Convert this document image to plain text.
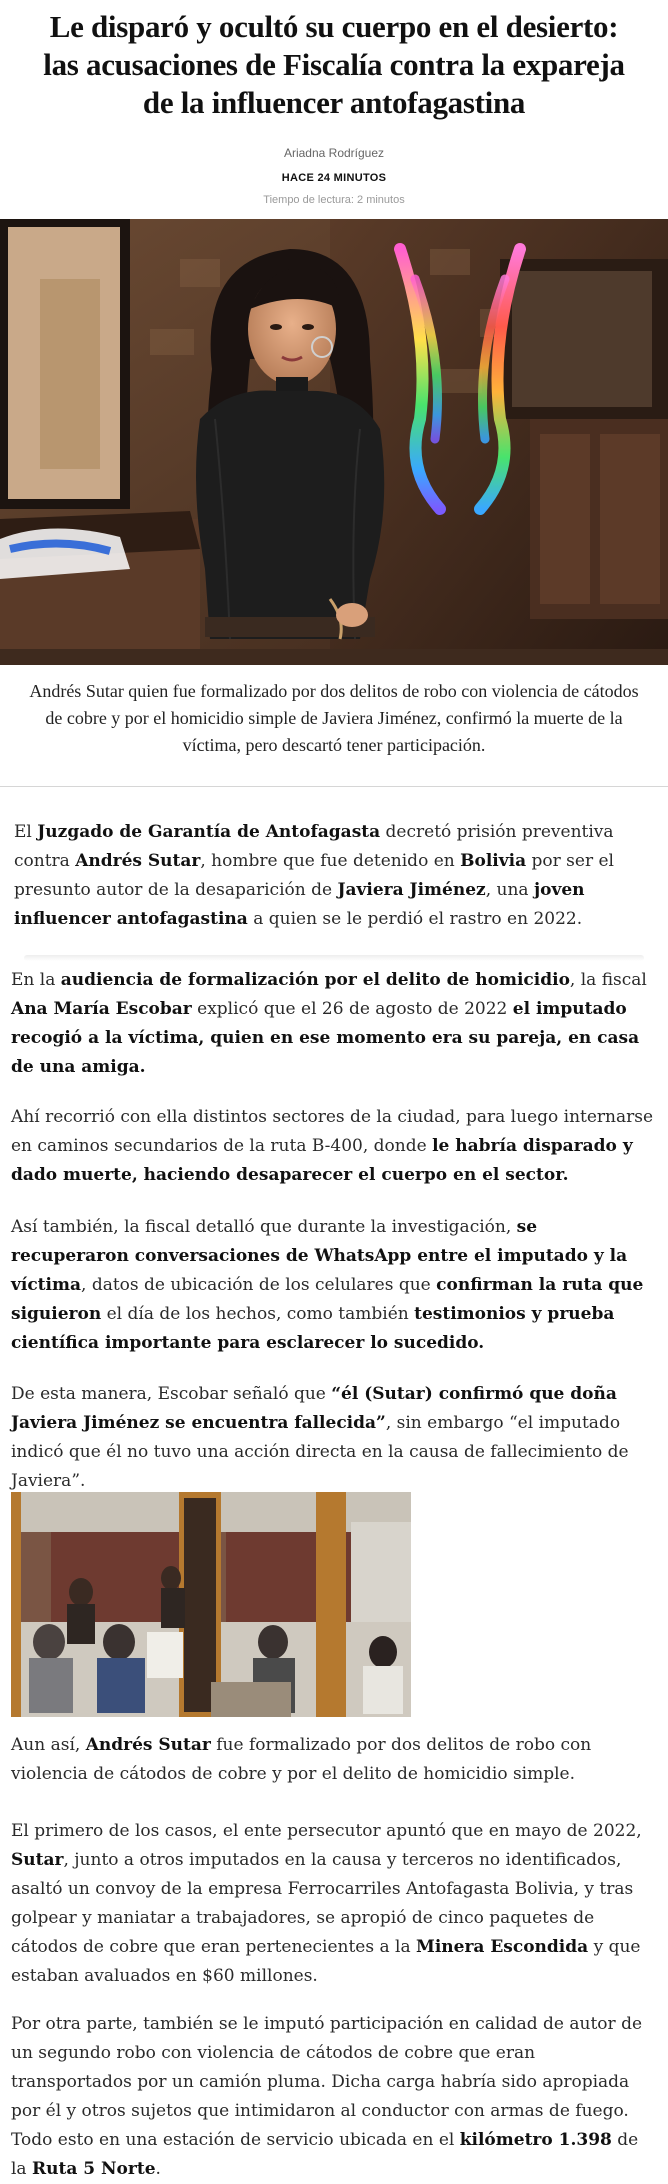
Le disparó y ocultó su cuerpo en el desierto: las acusaciones de Fiscalía contra la expareja de la influencer antofagastina
Ariadna Rodríguez
HACE 24 MINUTOS
Tiempo de lectura: 2 minutos
Andrés Sutar quien fue formalizado por dos delitos de robo con violencia de cátodos de cobre y por el homicidio simple de Javiera Jiménez, confirmó la muerte de la víctima, pero descartó tener participación.

El Juzgado de Garantía de Antofagasta decretó prisión preventiva contra Andrés Sutar, hombre que fue detenido en Bolivia por ser el presunto autor de la desaparición de Javiera Jiménez, una joven influencer antofagastina a quien se le perdió el rastro en 2022.

En la audiencia de formalización por el delito de homicidio, la fiscal Ana María Escobar explicó que el 26 de agosto de 2022 el imputado recogió a la víctima, quien en ese momento era su pareja, en casa de una amiga.

Ahí recorrió con ella distintos sectores de la ciudad, para luego internarse en caminos secundarios de la ruta B-400, donde le habría disparado y dado muerte, haciendo desaparecer el cuerpo en el sector.

Así también, la fiscal detalló que durante la investigación, se recuperaron conversaciones de WhatsApp entre el imputado y la víctima, datos de ubicación de los celulares que confirman la ruta que siguieron el día de los hechos, como también testimonios y prueba científica importante para esclarecer lo sucedido.

De esta manera, Escobar señaló que “él (Sutar) confirmó que doña Javiera Jiménez se encuentra fallecida”, sin embargo “el imputado indicó que él no tuvo una acción directa en la causa de fallecimiento de Javiera”.

Aun así, Andrés Sutar fue formalizado por dos delitos de robo con violencia de cátodos de cobre y por el delito de homicidio simple.

El primero de los casos, el ente persecutor apuntó que en mayo de 2022, Sutar, junto a otros imputados en la causa y terceros no identificados, asaltó un convoy de la empresa Ferrocarriles Antofagasta Bolivia, y tras golpear y maniatar a trabajadores, se apropió de cinco paquetes de cátodos de cobre que eran pertenecientes a la Minera Escondida y que estaban avaluados en $60 millones.

Por otra parte, también se le imputó participación en calidad de autor de un segundo robo con violencia de cátodos de cobre que eran transportados por un camión pluma. Dicha carga habría sido apropiada por él y otros sujetos que intimidaron al conductor con armas de fuego. Todo esto en una estación de servicio ubicada en el kilómetro 1.398 de la Ruta 5 Norte.
